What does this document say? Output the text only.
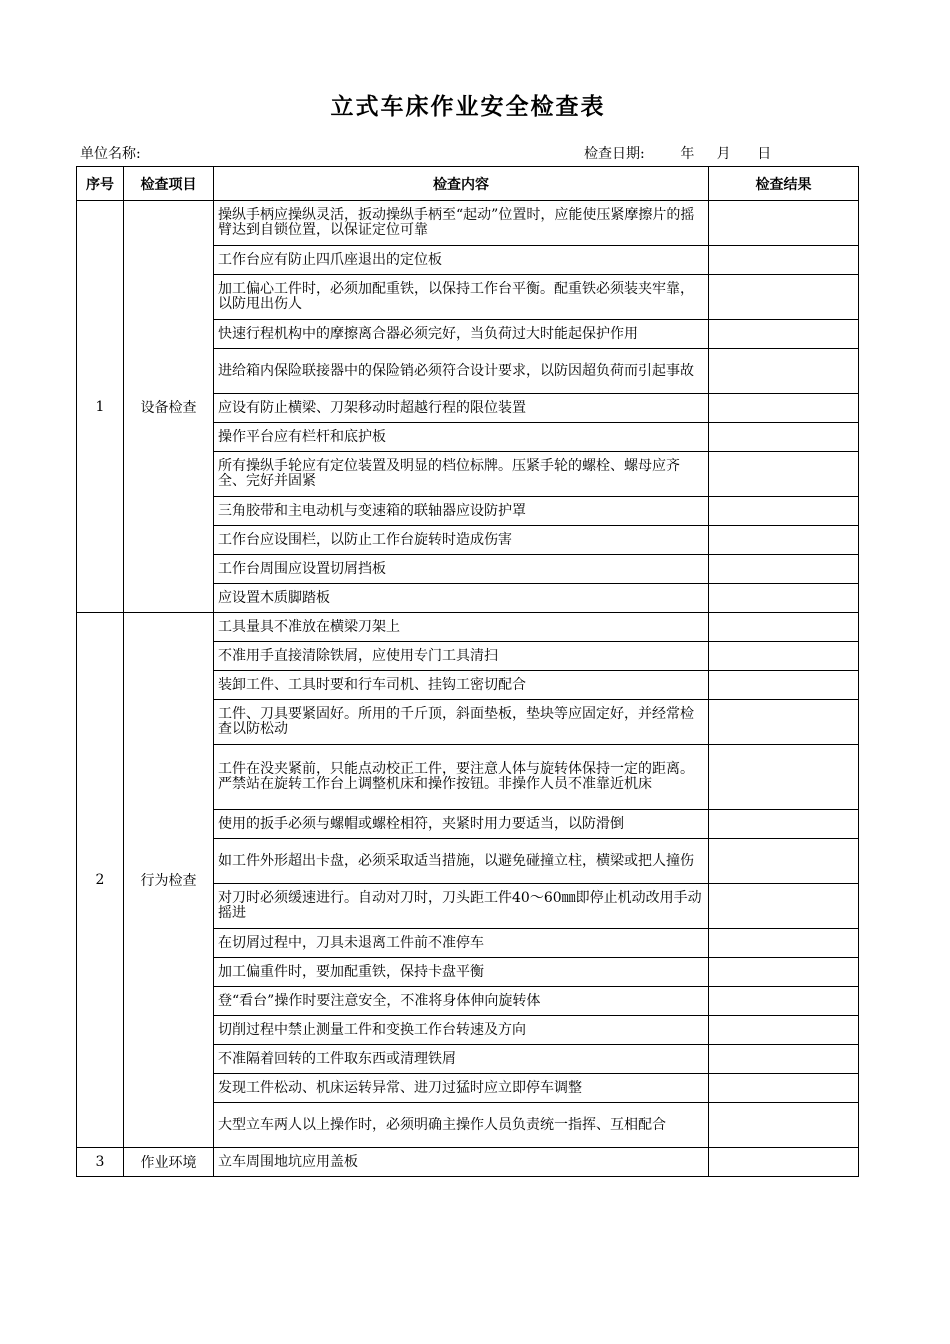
立式车床作业安全检查表
单位名称:	检查日期:        年     月      日
序号	检查项目	检查内容	检查结果
1	设备检查	操纵手柄应操纵灵活，扳动操纵手柄至“起动”位置时，应能使压紧摩擦片的摇臂达到自锁位置，以保证定位可靠	
		工作台应有防止四爪座退出的定位板	
		加工偏心工件时，必须加配重铁，以保持工作台平衡。配重铁必须装夹牢靠，以防甩出伤人	
		快速行程机构中的摩擦离合器必须完好，当负荷过大时能起保护作用	
		进给箱内保险联接器中的保险销必须符合设计要求，以防因超负荷而引起事故	
		应设有防止横梁、刀架移动时超越行程的限位装置	
		操作平台应有栏杆和底护板	
		所有操纵手轮应有定位装置及明显的档位标牌。压紧手轮的螺栓、螺母应齐全、完好并固紧	
		三角胶带和主电动机与变速箱的联轴器应设防护罩	
		工作台应设围栏，以防止工作台旋转时造成伤害	
		工作台周围应设置切屑挡板	
		应设置木质脚踏板	
2	行为检查	工具量具不准放在横梁刀架上	
		不准用手直接清除铁屑，应使用专门工具清扫	
		装卸工件、工具时要和行车司机、挂钩工密切配合	
		工件、刀具要紧固好。所用的千斤顶，斜面垫板，垫块等应固定好，并经常检查以防松动	
		工件在没夹紧前，只能点动校正工件，要注意人体与旋转体保持一定的距离。严禁站在旋转工作台上调整机床和操作按钮。非操作人员不准靠近机床	
		使用的扳手必须与螺帽或螺栓相符，夹紧时用力要适当，以防滑倒	
		如工件外形超出卡盘，必须采取适当措施，以避免碰撞立柱，横梁或把人撞伤	
		对刀时必须缓速进行。自动对刀时，刀头距工件40～60㎜即停止机动改用手动摇进	
		在切屑过程中，刀具未退离工件前不准停车	
		加工偏重件时，要加配重铁，保持卡盘平衡	
		登“看台”操作时要注意安全，不准将身体伸向旋转体	
		切削过程中禁止测量工件和变换工作台转速及方向	
		不准隔着回转的工件取东西或清理铁屑	
		发现工件松动、机床运转异常、进刀过猛时应立即停车调整	
		大型立车两人以上操作时，必须明确主操作人员负责统一指挥、互相配合	
3	作业环境	立车周围地坑应用盖板	
